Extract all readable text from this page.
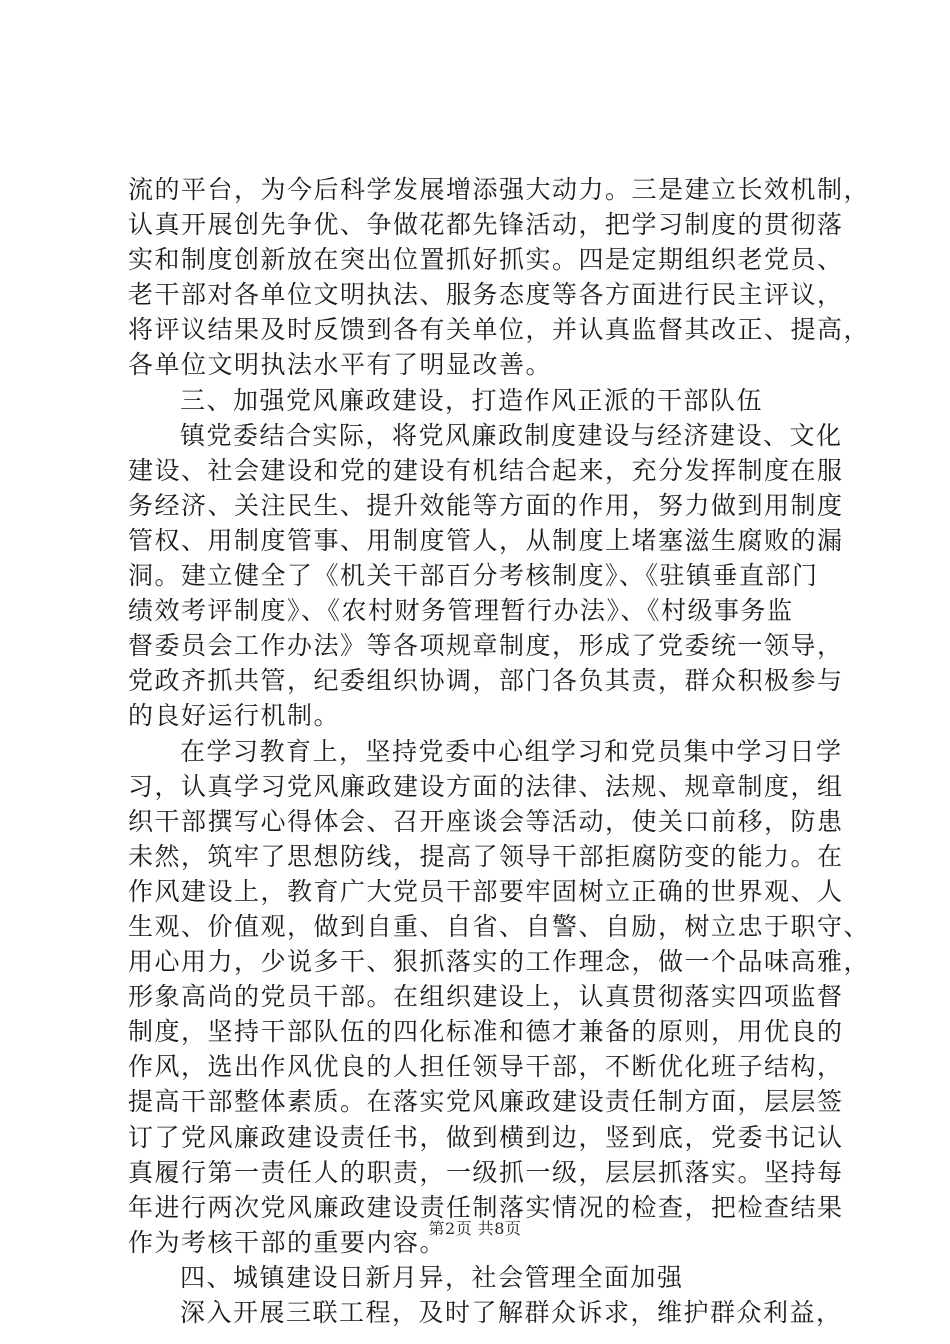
流的平台，为今后科学发展增添强大动力。三是建立长效机制，
认真开展创先争优、争做花都先锋活动，把学习制度的贯彻落
实和制度创新放在突出位置抓好抓实。四是定期组织老党员、
老干部对各单位文明执法、服务态度等各方面进行民主评议，
将评议结果及时反馈到各有关单位，并认真监督其改正、提高，
各单位文明执法水平有了明显改善。
三、加强党风廉政建设，打造作风正派的干部队伍
镇党委结合实际，将党风廉政制度建设与经济建设、文化
建设、社会建设和党的建设有机结合起来，充分发挥制度在服
务经济、关注民生、提升效能等方面的作用，努力做到用制度
管权、用制度管事、用制度管人，从制度上堵塞滋生腐败的漏
洞。建立健全了《机关干部百分考核制度》、《驻镇垂直部门
绩效考评制度》、《农村财务管理暂行办法》、《村级事务监
督委员会工作办法》等各项规章制度，形成了党委统一领导，
党政齐抓共管，纪委组织协调，部门各负其责，群众积极参与
的良好运行机制。
在学习教育上，坚持党委中心组学习和党员集中学习日学
习，认真学习党风廉政建设方面的法律、法规、规章制度，组
织干部撰写心得体会、召开座谈会等活动，使关口前移，防患
未然，筑牢了思想防线，提高了领导干部拒腐防变的能力。在
作风建设上，教育广大党员干部要牢固树立正确的世界观、人
生观、价值观，做到自重、自省、自警、自励，树立忠于职守、
用心用力，少说多干、狠抓落实的工作理念，做一个品味高雅，
形象高尚的党员干部。在组织建设上，认真贯彻落实四项监督
制度，坚持干部队伍的四化标准和德才兼备的原则，用优良的
作风，选出作风优良的人担任领导干部，不断优化班子结构，
提高干部整体素质。在落实党风廉政建设责任制方面，层层签
订了党风廉政建设责任书，做到横到边，竖到底，党委书记认
真履行第一责任人的职责，一级抓一级，层层抓落实。坚持每
年进行两次党风廉政建设责任制落实情况的检查，把检查结果
作为考核干部的重要内容。
四、城镇建设日新月异，社会管理全面加强
深入开展三联工程，及时了解群众诉求，维护群众利益，
第2页 共8页
